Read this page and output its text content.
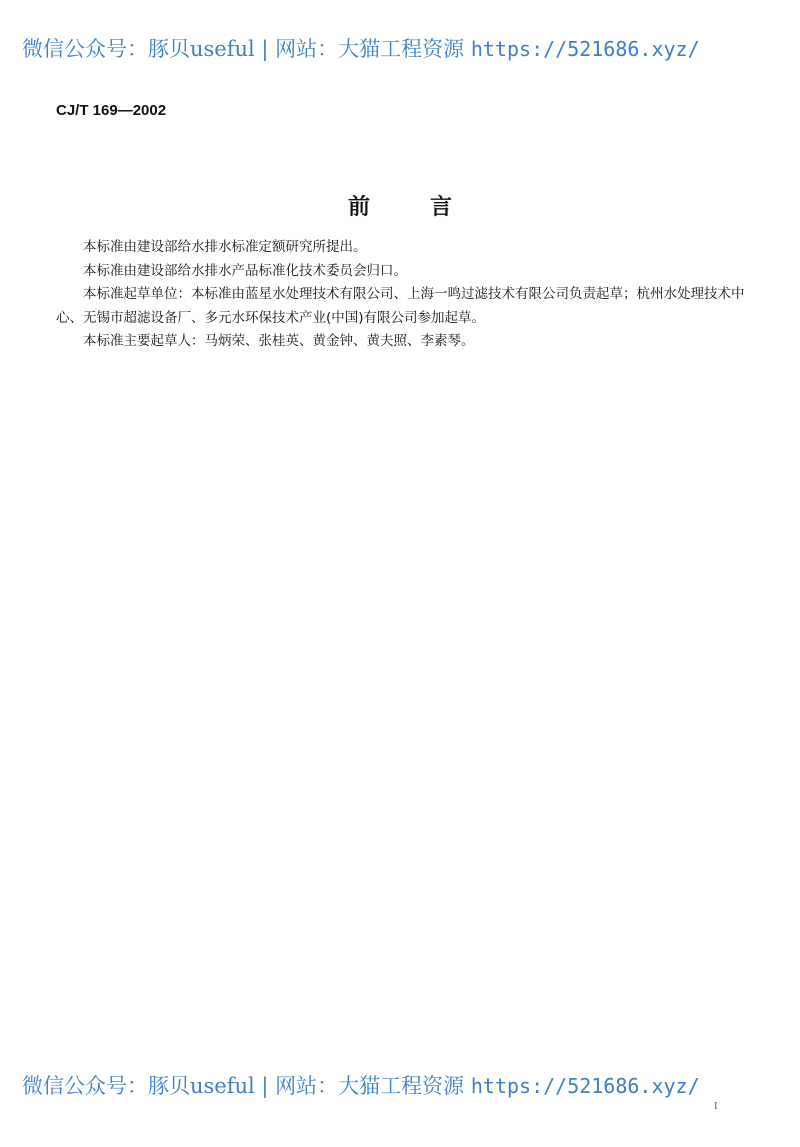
微信公众号：豚贝useful | 网站：大猫工程资源 https://521686.xyz/
CJ/T 169—2002
前言

本标准由建设部给水排水标准定额研究所提出。

本标准由建设部给水排水产品标准化技术委员会归口。

本标准起草单位：本标准由蓝星水处理技术有限公司、上海一鸣过滤技术有限公司负责起草；杭州水处理技术中心、无锡市超滤设备厂、多元水环保技术产业(中国)有限公司参加起草。

本标准主要起草人：马炳荣、张桂英、黄金钟、黄夫照、李素琴。

微信公众号：豚贝useful | 网站：大猫工程资源 https://521686.xyz/
I
